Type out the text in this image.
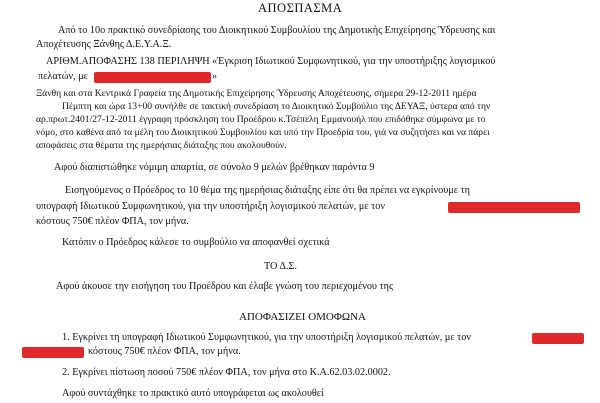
ΑΠΟΣΠΑΣΜΑ
Από το 10ο πρακτικό συνεδρίασης του Διοικητικού Συμβουλίου της Δημοτικής Επιχείρησης Ύδρευσης και
Αποχέτευσης Ξάνθης Δ.Ε.Υ.Α.Ξ.
ΑΡΙΘΜ.ΑΠΟΦΑΣΗΣ 138 ΠΕΡΙΛΗΨΗ «Έγκριση Ιδιωτικού Συμφωνητικού, για την υποστήριξης λογισμικού
πελατών, με	»
Ξάνθη και στα Κεντρικά Γραφεία της Δημοτικής Επιχείρησης Ύδρευσης Αποχέτευσης, σήμερα 29-12-2011 ημέρα
Πέμπτη και ώρα 13+00 συνήλθε σε τακτική συνεδρίαση το Διοικητικό Συμβούλιο της ΔΕΥΑΞ, ύστερα από την
αρ.πρωτ.2401/27-12-2011 έγγραφη πρόσκληση του Προέδρου κ.Τσέπελη Εμμανουήλ που επιδόθηκε σύμφωνα με το
νόμο, στο καθένα από τα μέλη του Διοικητικού Συμβουλίου και υπό την Προεδρία του, γιά να συζητήσει και να πάρει
αποφάσεις στα θέματα της ημερήσιας διάταξης που ακολουθούν.
Αφού διαπιστώθηκε νόμιμη απαρτία, σε σύνολο 9 μελών βρέθηκαν παρόντα 9
Εισηγούμενος ο Πρόεδρος το 10 θέμα της ημερήσιας διάταξης είπε ότι θα πρέπει να εγκρίνουμε τη
υπογραφή Ιδιωτικού Συμφωνητικού, για την υποστήριξη λογισμικού πελατών, με τον
κόστους 750€ πλέον ΦΠΑ, τον μήνα.
Κατόπιν ο Πρόεδρος κάλεσε το συμβούλιο να αποφανθεί σχετικά
ΤΟ Δ.Σ.
Αφού άκουσε την εισήγηση του Προέδρου και έλαβε γνώση του περιεχομένου της
ΑΠΟΦΑΣΙΖΕΙ ΟΜΟΦΩΝΑ
1. Εγκρίνει τη υπογραφή Ιδιωτικού Συμφωνητικού, για την υποστήριξη λογισμικού πελατών, με τον
κόστους 750€ πλέον ΦΠΑ, τον μήνα.
2. Εγκρίνει πίστωση ποσού 750€ πλέον ΦΠΑ, τον μήνα στο Κ.Α.62.03.02.0002.
Αφού συντάχθηκε το πρακτικό αυτό υπογράφεται ως ακολουθεί
